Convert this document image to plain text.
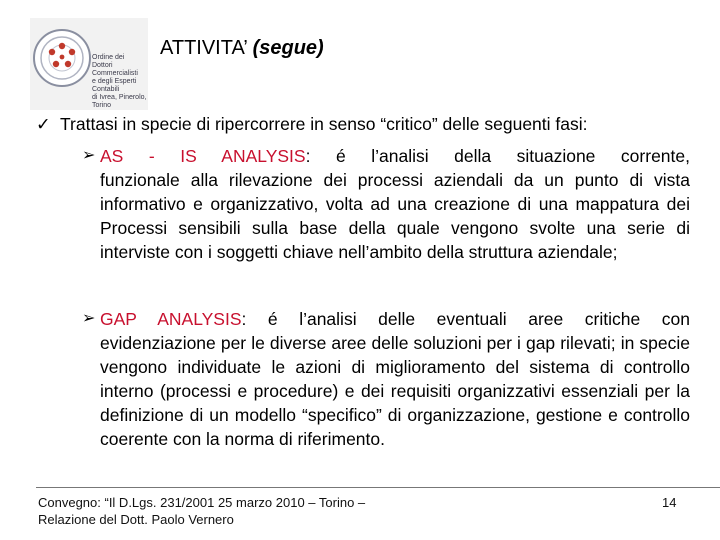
Ordine dei
Dottori Commercialisti
e degli Esperti Contabili
di Ivrea, Pinerolo, Torino
ATTIVITA’ (segue)
✓ Trattasi in specie di ripercorrere in senso “critico” delle seguenti fasi:
➢ AS - IS ANALYSIS: é l’analisi della situazione corrente,
funzionale alla rilevazione dei processi aziendali da un punto di vista informativo e organizzativo, volta ad una creazione di una mappatura dei Processi sensibili sulla base della quale vengono svolte una serie di interviste con i soggetti chiave nell’ambito della struttura aziendale;
➢ GAP ANALYSIS: é l’analisi delle eventuali aree critiche con
evidenziazione per le diverse aree delle soluzioni per i gap rilevati; in specie vengono individuate le azioni di miglioramento del sistema di controllo interno (processi e procedure) e dei requisiti organizzativi essenziali per la definizione di un modello “specifico” di organizzazione, gestione e controllo coerente con la norma di riferimento.
Convegno: “Il D.Lgs. 231/2001 25 marzo 2010 – Torino –
Relazione del Dott. Paolo Vernero
14
